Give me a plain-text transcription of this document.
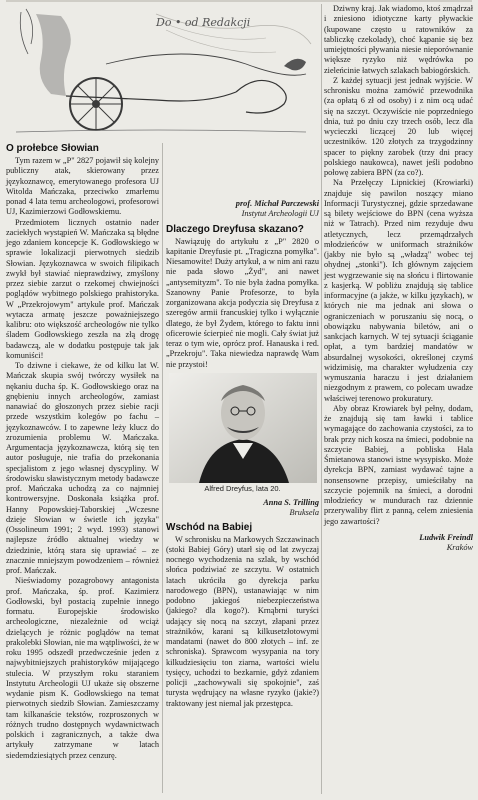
Do • od Redakcji
O prołebce Słowian

Tym razem w „P" 2827 pojawił się kolejny publiczny atak, skierowany przez językoznawcę, emerytowanego profesora UJ Witolda Mańczaka, przeciwko zmarłemu ponad 4 lata temu archeologowi, profesorowi UJ, Kazimierzowi Godłowskiemu.

Przedmiotem licznych ostatnio nader zaciekłych wystąpień W. Mańczaka są błędne jego zdaniem koncepcje K. Godłowskiego w sprawie lokalizacji pierwotnych siedzib Słowian. Językoznawca w swoich filipikach zwykł był stawiać nieprawdziwy, zmyślony przez siebie zarzut o rzekomej chwiejności poglądów wybitnego polskiego prahistoryka. W „Przekrojowym" artykule prof. Mańczak wytacza armatę jeszcze poważniejszego kalibru: oto większość archeologów nie tylko śladem Godłowskiego zeszła na złą drogę badawczą, ale w dodatku postępuje tak jak komuniści!

To dziwne i ciekawe, że od kilku lat W. Mańczak skupia swój twórczy wysiłek na nękaniu ducha śp. K. Godłowskiego oraz na gnębieniu innych archeologów, zamiast nanawiać do głoszonych przez siebie racji przede wszystkim kolegów po fachu – językoznawców. I to zapewne leży klucz do zrozumienia problemu W. Mańczaka. Argumentacja językoznawcza, którą się ten autor posługuje, nie trafia do przekonania specjalistom z jego własnej dyscypliny. W środowisku sławistycznym metody badawcze prof. Mańczaka uchodzą za co najmniej kontrowersyjne. Doskonała książka prof. Hanny Popowskiej-Taborskiej „Wczesne dzieje Słowian w świetle ich języka" (Ossolineum 1991; 2 wyd. 1993) stanowi najlepsze źródło aktualnej wiedzy w dziedzinie, którą stara się uprawiać – ze znacznie mniejszym powodzeniem – również prof. Mańczak.

Nieświadomy pozagrobowy antagonista prof. Mańczaka, śp. prof. Kazimierz Godłowski, był postacią zupełnie innego formatu. Europejskie środowisko archeologiczne, niezależnie od wciąż dzielących je różnic poglądów na temat prakolebki Słowian, nie ma wątpliwości, że w roku 1995 odszedł przedwcześnie jeden z najwybitniejszych prahistoryków mijającego stulecia. W przyszłym roku staraniem Instytutu Archeologii UJ ukaże się obszerne wydanie pism K. Godłowskiego na temat pierwotnych siedzib Słowian. Zamieszczamy tam kilkanaście tekstów, rozproszonych w różnych trudno dostępnych wydawnictwach polskich i zagranicznych, a także dwa artykuły zatrzymane w latach siedemdziesiątych przez cenzurę.

prof. Michał Parczewski
Instytut Archeologii UJ
Dlaczego Dreyfusa skazano?

Nawiązuję do artykułu z „P" 2820 o kapitanie Dreyfusie pt. „Tragiczna pomyłka". Niesamowite! Duży artykuł, a w nim ani razu nie pada słowo „Żyd", ani nawet „antysemityzm". To nie była żadna pomyłka. Szanowny Panie Profesorze, to była zorganizowana akcja podyczia się Dreyfusa z szeregów armii francuskiej tylko i wyłącznie dlatego, że był Żydem, którego to faktu inni oficerowie ścierpieć nie mogli. Cały świat już teraz o tym wie, oprócz prof. Hanauska i red. „Przekroju". Taka niewiedza naprawdę Wam nie przystoi!

Alfred Dreyfus, lata 20.
Anna S. Trilling
Bruksela
Wschód na Babiej

W schronisku na Markowych Szczawinach (stoki Babiej Góry) utarł się od lat zwyczaj nocnego wychodzenia na szlak, by wschód słońca podziwiać ze szczytu. W ostatnich latach ukróciła go dyrekcja parku narodowego (BPN), ustanawiając w nim podobno jakiegoś niebezpieczeństwa (jakiego? dla kogo?). Krnąbrni turyści udający się nocą na szczyt, złapani przez strażników, karani są kilkusetzłotowymi mandatami (nawet do 800 złotych – inf. ze schroniska). Sprawcom wysypania na tory kilkudziesięciu ton ziarna, wartości wielu tysięcy, uchodzi to bezkarnie, gdyż zdaniem policji „zachowywali się spokojnie", zaś turysta wędrujący na własne ryzyko (jakie?) traktowany jest niemal jak przestępca.

Dziwny kraj. Jak wiadomo, ktoś zmądrzał i zniesiono idiotyczne karty pływackie (kupowane często u ratowników za tabliczkę czekolady), choć kąpanie się bez umiejętności pływania niesie nieporównanie większe ryzyko niż wędrówka po zieleńcinie łatwych szlakach babiogórskich.

Z każdej sytuacji jest jednak wyjście. W schronisku można zamówić przewodnika (za opłatą 6 zł od osoby) i z nim ocą udać się na szczyt. Oczywiście nie poprzedniego dnia, tuż po dniu czy trzech osób, lecz dla wycieczki liczącej 20 lub więcej uczestników. 120 złotych za trzygodzinny spacer to piękny zarobek (trzy dni pracy polskiego naukowca), nawet jeśli podobno połowę zabiera BPN (za co?).

Na Przełęczy Lipnickiej (Krowiarki) znajduje się pawilon noszący miano Informacji Turystycznej, gdzie sprzedawane są bilety wejściowe do BPN (cena wyższa niż w Tatrach). Przed nim rezyduje dwu atletycznych, lecz przemądrzałych młodzieńców w uniformach strażników (jakby nie było są „władzą" wobec tej ohydnej „stonki"). Ich głównym zajęciem jest wygrzewanie się na słońcu i flirtowanie z kasjerką. W pobliżu znajdują się tablice informacyjne (a jakże, w kilku językach), w których nie ma jednak ani słowa o ograniczeniach w poruszaniu się nocą, o obowiązku nabywania biletów, ani o sankcjach karnych. W tej sytuacji ściąganie opłat, a tym bardziej mandatów w absurdalnej wysokości, określonej czymś widzimisię, ma charakter wyłudzenia czy wymuszania haraczu i jest działaniem niezgodnym z prawem, co polecam uwadze właściwej terenowo prokuratury.

Aby obraz Krowiarek był pełny, dodam, że znajdują się tam ławki i tablice wymagające do zachowania czystości, za to brak przy nich kosza na śmieci, podobnie na szczycie Babiej, a pobliska Hala Śmietanowa stanowi istne wysypisko. Może dyrekcja BPN, zamiast wydawać tajne a nonsensowne przepisy, umieściłaby na szczycie pojemnik na śmieci, a dorodni młodzieńcy w mundurach raz dziennie przerywaliby flirt z panną, celem zniesienia jego zawartości?

Ludwik Freindl
Kraków
